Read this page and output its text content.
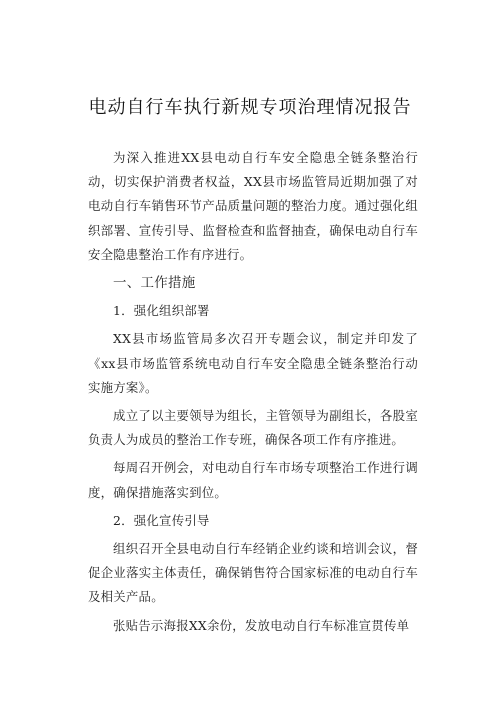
电动自行车执行新规专项治理情况报告

为深入推进XX县电动自行车安全隐患全链条整治行动，切实保护消费者权益，XX县市场监管局近期加强了对电动自行车销售环节产品质量问题的整治力度。通过强化组织部署、宣传引导、监督检查和监督抽查，确保电动自行车安全隐患整治工作有序进行。

一、工作措施

1．强化组织部署

XX县市场监管局多次召开专题会议，制定并印发了《xx县市场监管系统电动自行车安全隐患全链条整治行动实施方案》。

成立了以主要领导为组长，主管领导为副组长，各股室负责人为成员的整治工作专班，确保各项工作有序推进。

每周召开例会，对电动自行车市场专项整治工作进行调度，确保措施落实到位。

2．强化宣传引导

组织召开全县电动自行车经销企业约谈和培训会议，督促企业落实主体责任，确保销售符合国家标准的电动自行车及相关产品。

张贴告示海报XX余份，发放电动自行车标准宣贯传单
